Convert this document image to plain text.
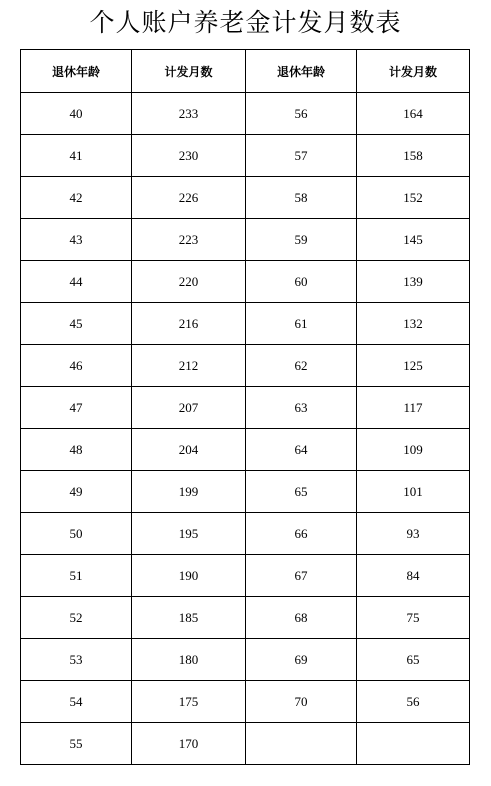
个人账户养老金计发月数表
退休年龄	计发月数	退休年龄	计发月数
40	233	56	164
41	230	57	158
42	226	58	152
43	223	59	145
44	220	60	139
45	216	61	132
46	212	62	125
47	207	63	117
48	204	64	109
49	199	65	101
50	195	66	93
51	190	67	84
52	185	68	75
53	180	69	65
54	175	70	56
55	170		
